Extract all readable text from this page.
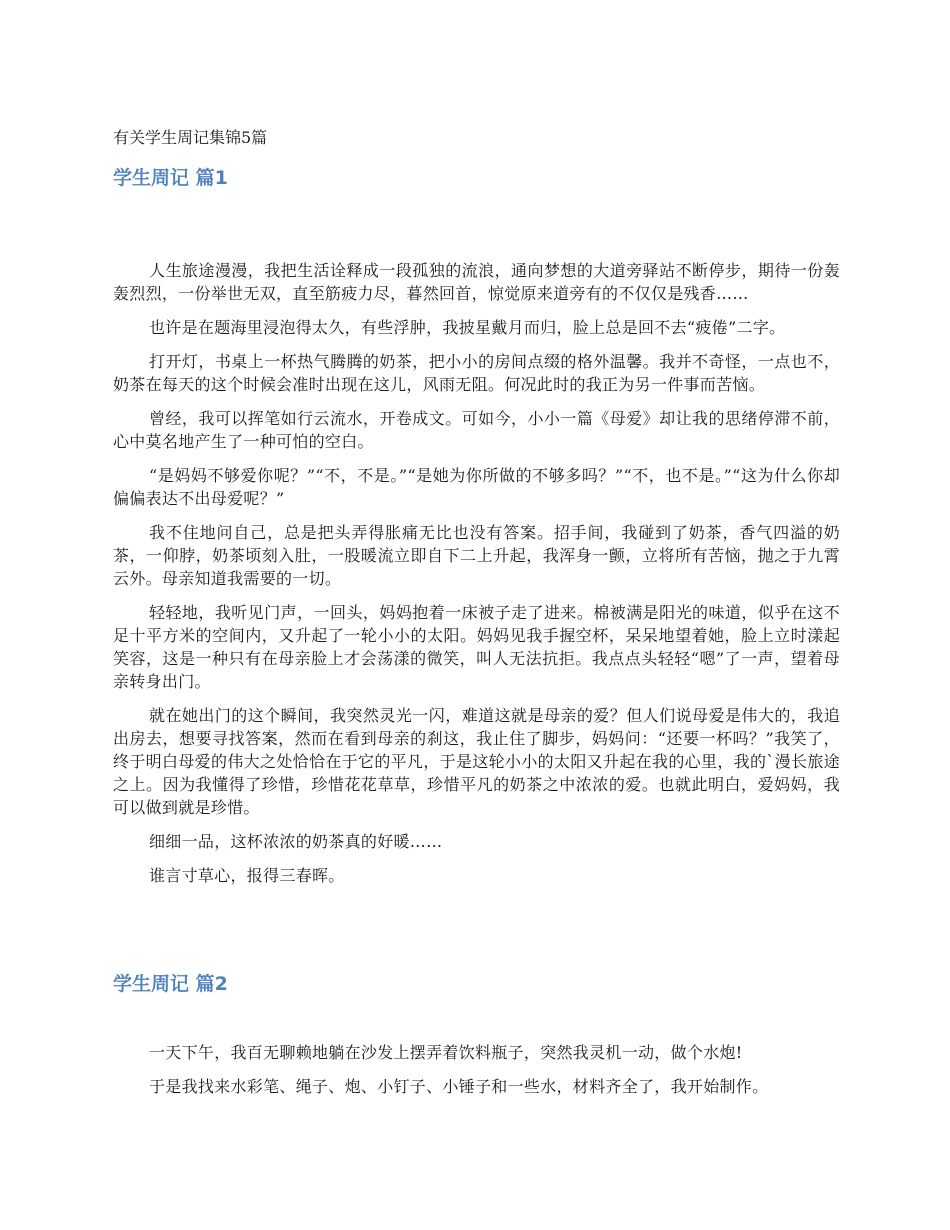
有关学生周记集锦5篇
学生周记 篇1

人生旅途漫漫，我把生活诠释成一段孤独的流浪，通向梦想的大道旁驿站不断停步，期待一份轰轰烈烈，一份举世无双，直至筋疲力尽，暮然回首，惊觉原来道旁有的不仅仅是残香……

也许是在题海里浸泡得太久，有些浮肿，我披星戴月而归，脸上总是回不去“疲倦”二字。

打开灯，书桌上一杯热气腾腾的奶茶，把小小的房间点缀的格外温馨。我并不奇怪，一点也不，奶茶在每天的这个时候会准时出现在这儿，风雨无阻。何况此时的我正为另一件事而苦恼。

曾经，我可以挥笔如行云流水，开卷成文。可如今，小小一篇《母爱》却让我的思绪停滞不前，心中莫名地产生了一种可怕的空白。

“是妈妈不够爱你呢？”“不，不是。”“是她为你所做的不够多吗？”“不，也不是。”“这为什么你却偏偏表达不出母爱呢？”

我不住地问自己，总是把头弄得胀痛无比也没有答案。招手间，我碰到了奶茶，香气四溢的奶茶，一仰脖，奶茶顷刻入肚，一股暖流立即自下二上升起，我浑身一颤，立将所有苦恼，抛之于九霄云外。母亲知道我需要的一切。

轻轻地，我听见门声，一回头，妈妈抱着一床被子走了进来。棉被满是阳光的味道，似乎在这不足十平方米的空间内，又升起了一轮小小的太阳。妈妈见我手握空杯，呆呆地望着她，脸上立时漾起笑容，这是一种只有在母亲脸上才会荡漾的微笑，叫人无法抗拒。我点点头轻轻“嗯”了一声，望着母亲转身出门。

就在她出门的这个瞬间，我突然灵光一闪，难道这就是母亲的爱？但人们说母爱是伟大的，我追出房去，想要寻找答案，然而在看到母亲的刹这，我止住了脚步，妈妈问：“还要一杯吗？”我笑了，终于明白母爱的伟大之处恰恰在于它的平凡，于是这轮小小的太阳又升起在我的心里，我的`漫长旅途之上。因为我懂得了珍惜，珍惜花花草草，珍惜平凡的奶茶之中浓浓的爱。也就此明白，爱妈妈，我可以做到就是珍惜。

细细一品，这杯浓浓的奶茶真的好暖……

谁言寸草心，报得三春晖。

学生周记 篇2

一天下午，我百无聊赖地躺在沙发上摆弄着饮料瓶子，突然我灵机一动，做个水炮!

于是我找来水彩笔、绳子、炮、小钉子、小锤子和一些水，材料齐全了，我开始制作。
